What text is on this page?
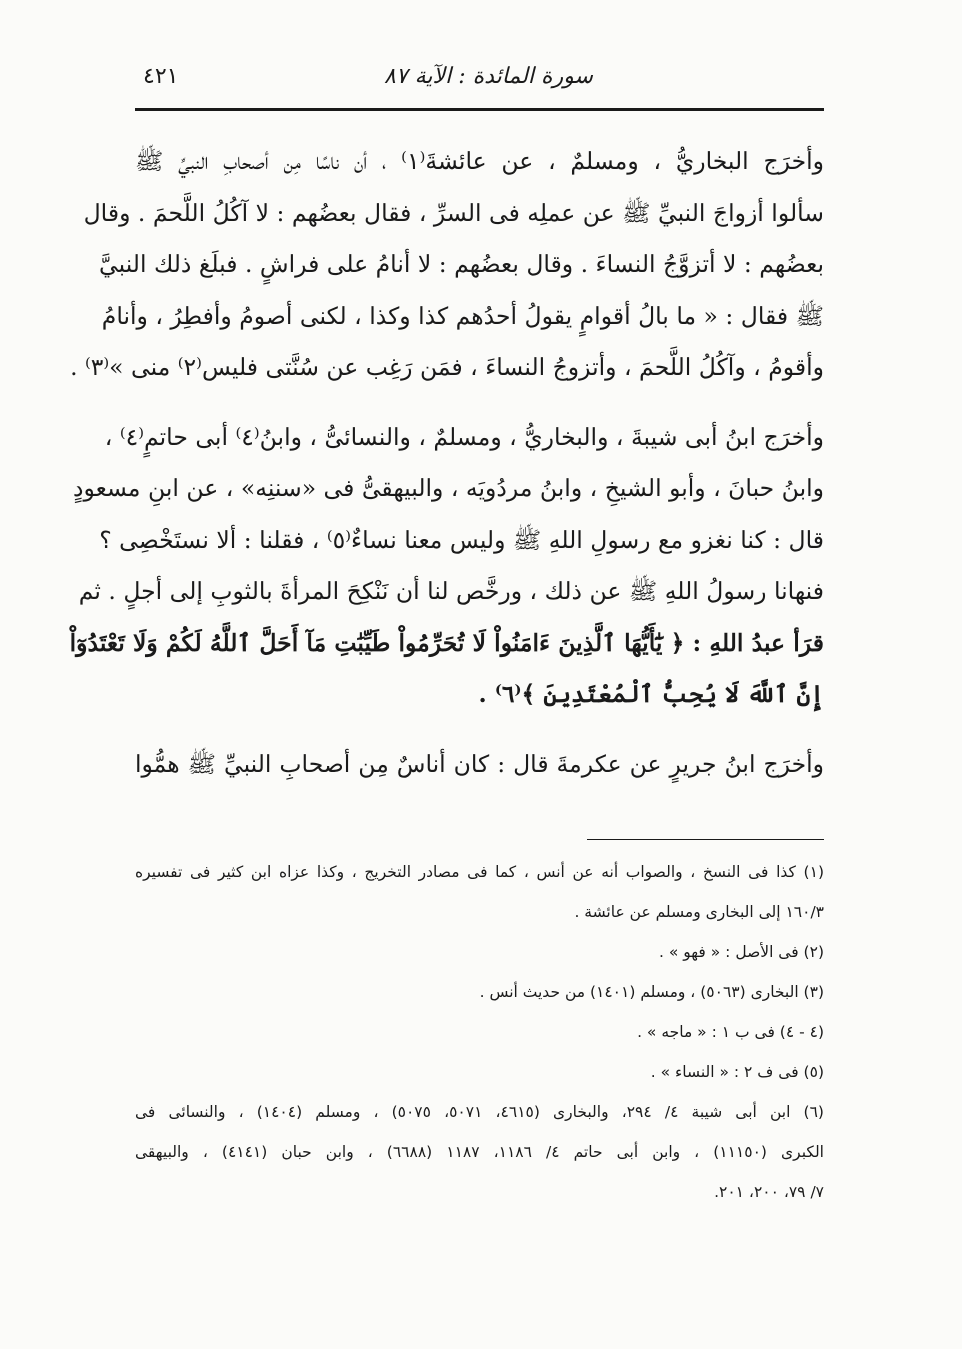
٤٢١	سورة المائدة : الآية ٨٧
وأخرَج البخاريُّ ، ومسلمٌ ، عن عائشةَ⁽١⁾ ، أن ناسًا مِن أصحابِ النبيِّ ﷺ
سألوا أزواجَ النبيِّ ﷺ عن عملِه فى السرِّ ، فقال بعضُهم : لا آكُلُ اللَّحمَ . وقال
بعضُهم : لا أتزوَّجُ النساءَ . وقال بعضُهم : لا أنامُ على فراشٍ . فبلَغ ذلك النبيَّ
ﷺ فقال : « ما بالُ أقوامٍ يقولُ أحدُهم كذا وكذا ، لكنى أصومُ وأفطِرُ ، وأنامُ
وأقومُ ، وآكُلُ اللَّحمَ ، وأتزوجُ النساءَ ، فمَن رَغِب عن سُنَّتى فليس⁽٢⁾ منى »⁽٣⁾ .
وأخرَج ابنُ أبى شيبةَ ، والبخاريُّ ، ومسلمٌ ، والنسائىُّ ، وابنُ⁽٤⁾ أبى حاتمٍ⁽٤⁾ ،
وابنُ حبانَ ، وأبو الشيخِ ، وابنُ مردُويَه ، والبيهقىُّ فى «سننِه» ، عن ابنِ مسعودٍ
قال : كنا نغزو مع رسولِ اللهِ ﷺ وليس معنا نساءٌ⁽٥⁾ ، فقلنا : ألا نستَخْصِى ؟
فنهانا رسولُ اللهِ ﷺ عن ذلك ، ورخَّص لنا أن نَنْكِحَ المرأةَ بالثوبِ إلى أجلٍ . ثم
قرَأ عبدُ اللهِ : ﴿ يَٰٓأَيُّهَا ٱلَّذِينَ ءَامَنُواْ لَا تُحَرِّمُواْ طَيِّبَٰتِ مَآ أَحَلَّ ٱللَّهُ لَكُمْ وَلَا تَعْتَدُوٓاْ
إِنَّ ٱللَّهَ لَا يُحِبُّ ٱلْمُعْتَدِينَ ﴾⁽٦⁾ .
وأخرَج ابنُ جريرٍ عن عكرمةَ قال : كان أناسٌ مِن أصحابِ النبيِّ ﷺ همُّوا
(١) كذا فى النسخ ، والصواب أنه عن أنس ، كما فى مصادر التخريج ، وكذا عزاه ابن كثير فى تفسيره
١٦٠/٣ إلى البخارى ومسلم عن عائشة .
(٢) فى الأصل : « فهو » .
(٣) البخارى (٥٠٦٣) ، ومسلم (١٤٠١) من حديث أنس .
(٤ - ٤) فى ب ١ : « ماجه » .
(٥) فى ف ٢ : « النساء » .
(٦) ابن أبى شيبة ٤/ ٢٩٤، والبخارى (٤٦١٥، ٥٠٧١، ٥٠٧٥) ، ومسلم (١٤٠٤) ، والنسائى فى
الكبرى (١١١٥٠) ، وابن أبى حاتم ٤/ ١١٨٦، ١١٨٧ (٦٦٨٨) ، وابن حبان (٤١٤١) ، والبيهقى
٧/ ٧٩، ٢٠٠، ٢٠١.
